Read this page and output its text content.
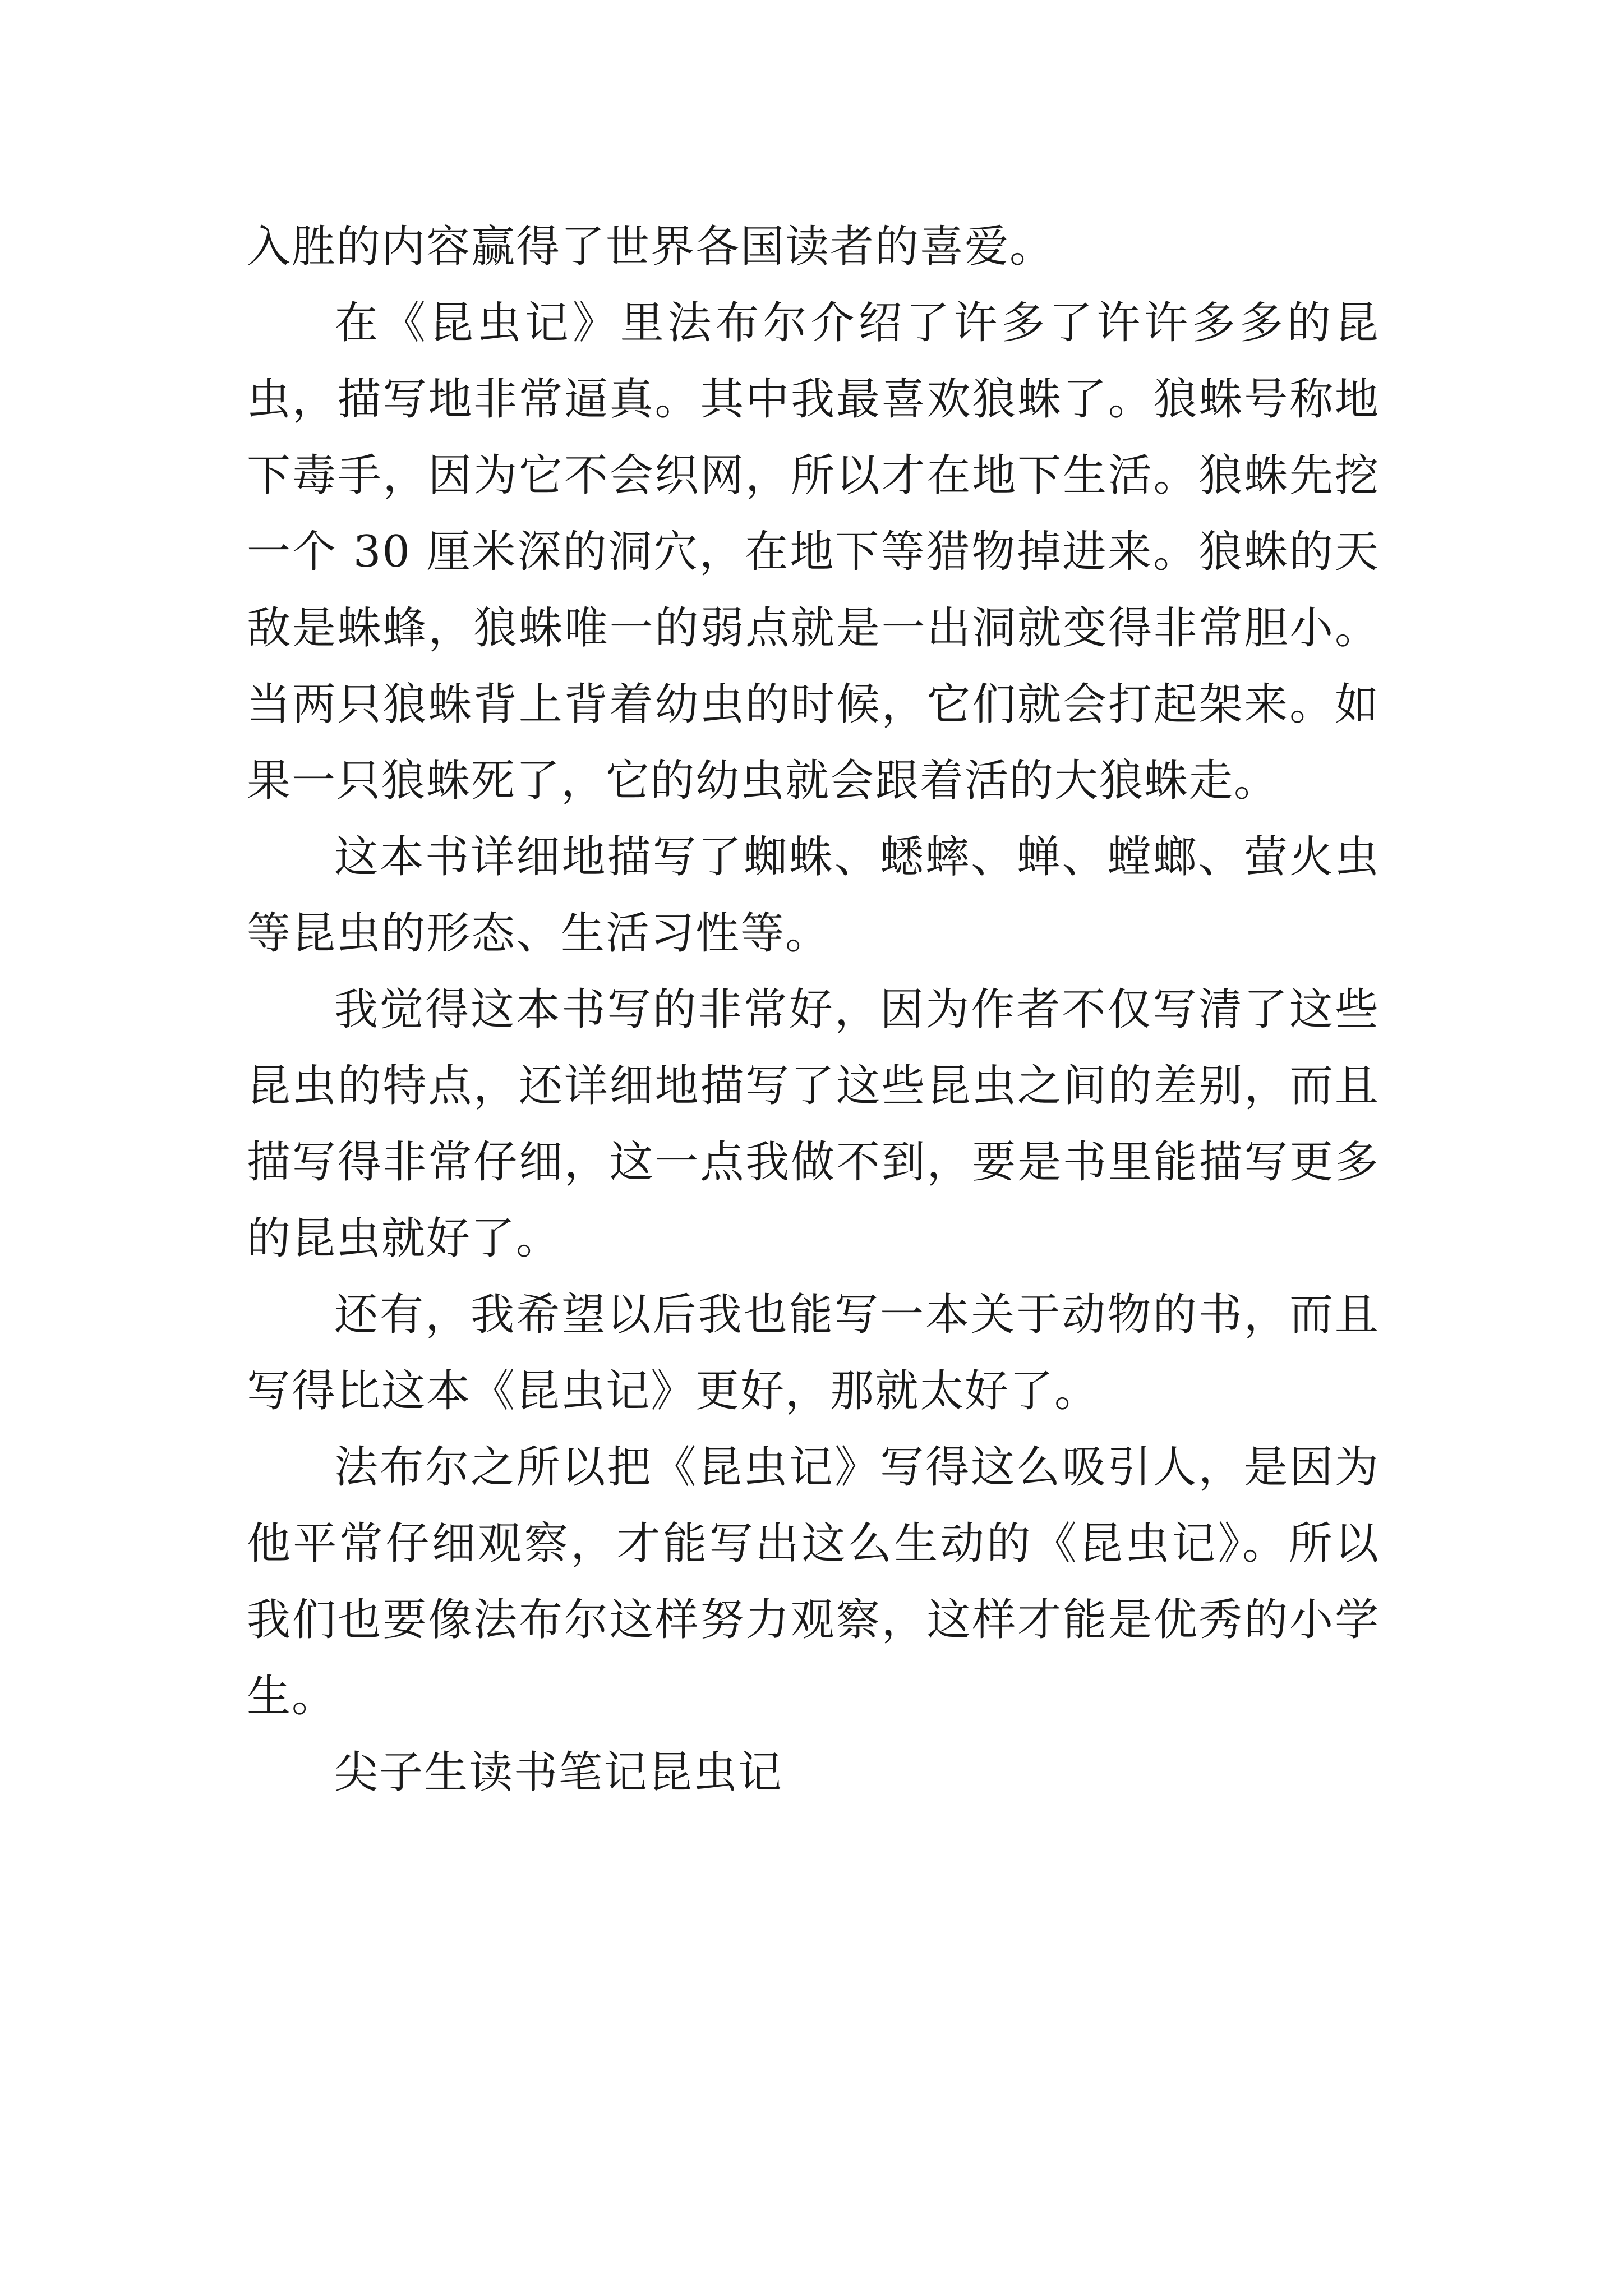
入胜的内容赢得了世界各国读者的喜爱。

在《昆虫记》里法布尔介绍了许多了许许多多的昆虫，描写地非常逼真。其中我最喜欢狼蛛了。狼蛛号称地下毒手，因为它不会织网，所以才在地下生活。狼蛛先挖一个 30 厘米深的洞穴，在地下等猎物掉进来。狼蛛的天敌是蛛蜂，狼蛛唯一的弱点就是一出洞就变得非常胆小。当两只狼蛛背上背着幼虫的时候，它们就会打起架来。如果一只狼蛛死了，它的幼虫就会跟着活的大狼蛛走。

这本书详细地描写了蜘蛛、蟋蟀、蝉、螳螂、萤火虫等昆虫的形态、生活习性等。

我觉得这本书写的非常好，因为作者不仅写清了这些昆虫的特点，还详细地描写了这些昆虫之间的差别，而且描写得非常仔细，这一点我做不到，要是书里能描写更多的昆虫就好了。

还有，我希望以后我也能写一本关于动物的书，而且写得比这本《昆虫记》更好，那就太好了。

法布尔之所以把《昆虫记》写得这么吸引人，是因为他平常仔细观察，才能写出这么生动的《昆虫记》。所以我们也要像法布尔这样努力观察，这样才能是优秀的小学生。

尖子生读书笔记昆虫记
